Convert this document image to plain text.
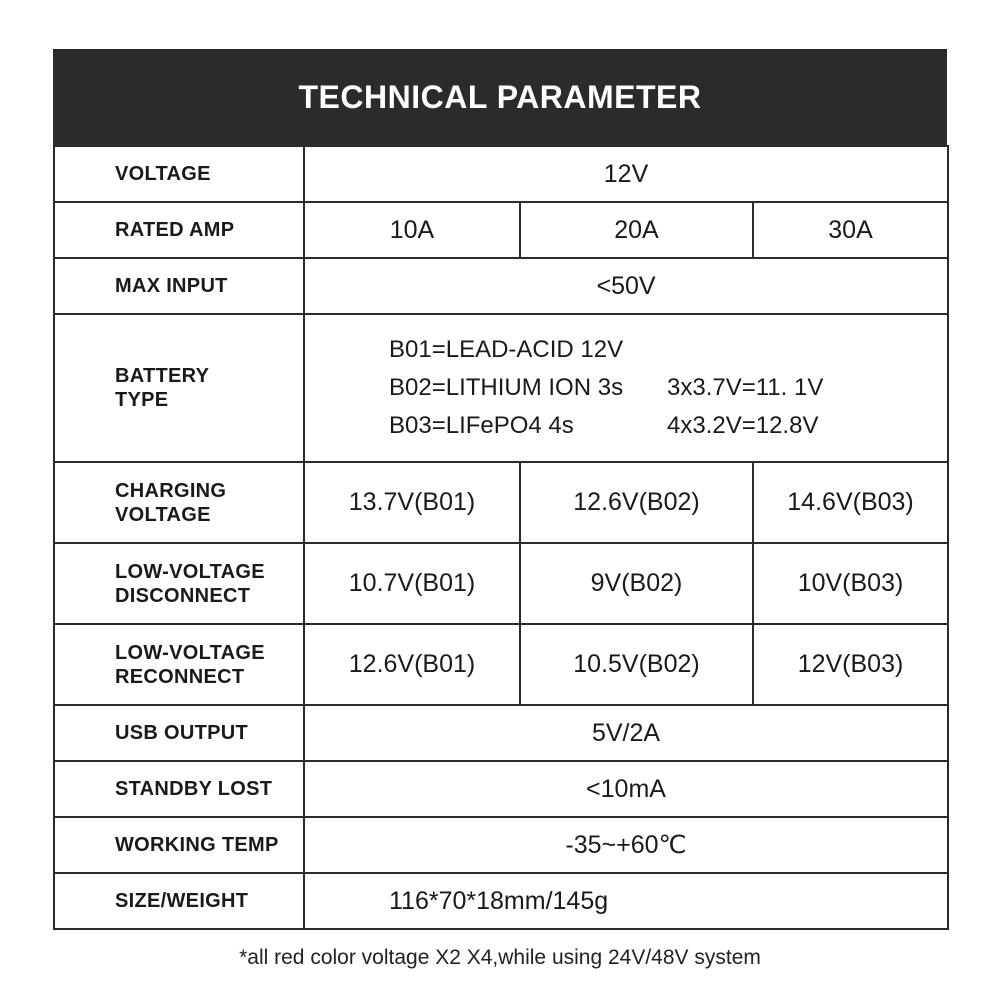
TECHNICAL PARAMETER
VOLTAGE	12V		
RATED AMP	10A	20A	30A
MAX INPUT	<50V		
BATTERY
TYPE	B01=LEAD-ACID 12V
B02=LITHIUM ION 3s 3x3.7V=11. 1V
B03=LIFePO4 4s 4x3.2V=12.8V		

CHARGING
VOLTAGE	13.7V(B01)	12.6V(B02)	14.6V(B03)
LOW-VOLTAGE
DISCONNECT	10.7V(B01)	9V(B02)	10V(B03)
LOW-VOLTAGE
RECONNECT	12.6V(B01)	10.5V(B02)	12V(B03)
USB OUTPUT	5V/2A		
STANDBY LOST	<10mA		
WORKING TEMP	-35~+60℃		
SIZE/WEIGHT	116*70*18mm/145g		
*all red color voltage X2 X4,while using 24V/48V system
